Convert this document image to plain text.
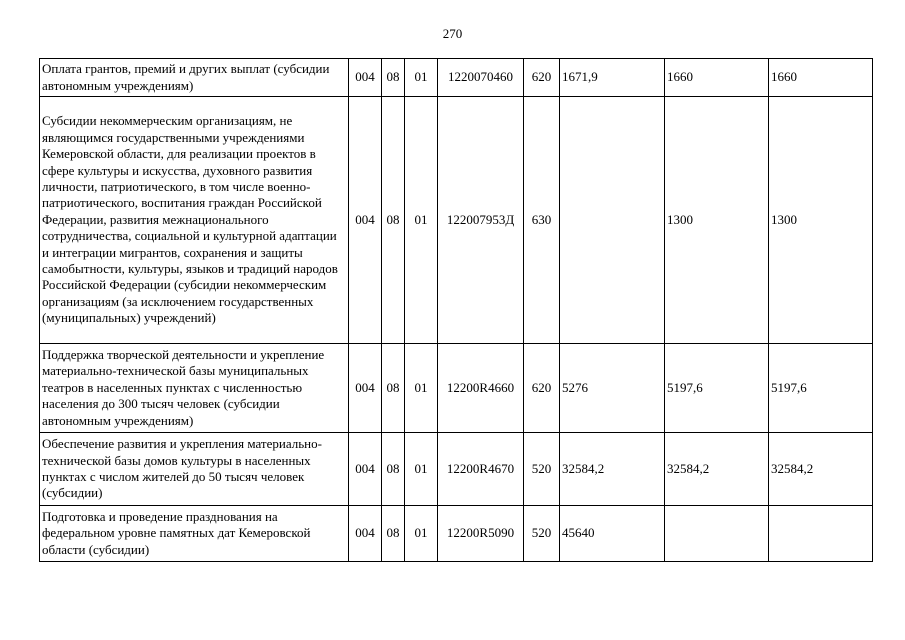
270
Оплата грантов, премий и других выплат (субсидии автономным учреждениям)	004	08	01	1220070460	620	1671,9	1660	1660
Субсидии некоммерческим организациям, не являющимся государственными учреждениями Кемеровской области, для реализации проектов в сфере культуры и искусства, духовного развития личности, патриотического, в том числе военно-патриотического, воспитания граждан Российской Федерации, развития межнационального сотрудничества, социальной и культурной адаптации и интеграции мигрантов, сохранения и защиты самобытности, культуры, языков и традиций народов Российской Федерации (субсидии некоммерческим организациям (за исключением государственных (муниципальных) учреждений)	004	08	01	122007953Д	630		1300	1300
Поддержка творческой деятельности и укрепление материально-технической базы муниципальных театров в населенных пунктах с численностью населения до 300 тысяч человек (субсидии автономным учреждениям)	004	08	01	12200R4660	620	5276	5197,6	5197,6
Обеспечение развития и укрепления материально-технической базы домов культуры в населенных пунктах с числом жителей до 50 тысяч человек (субсидии)	004	08	01	12200R4670	520	32584,2	32584,2	32584,2
Подготовка и проведение празднования на федеральном уровне памятных дат Кемеровской области (субсидии)	004	08	01	12200R5090	520	45640		
